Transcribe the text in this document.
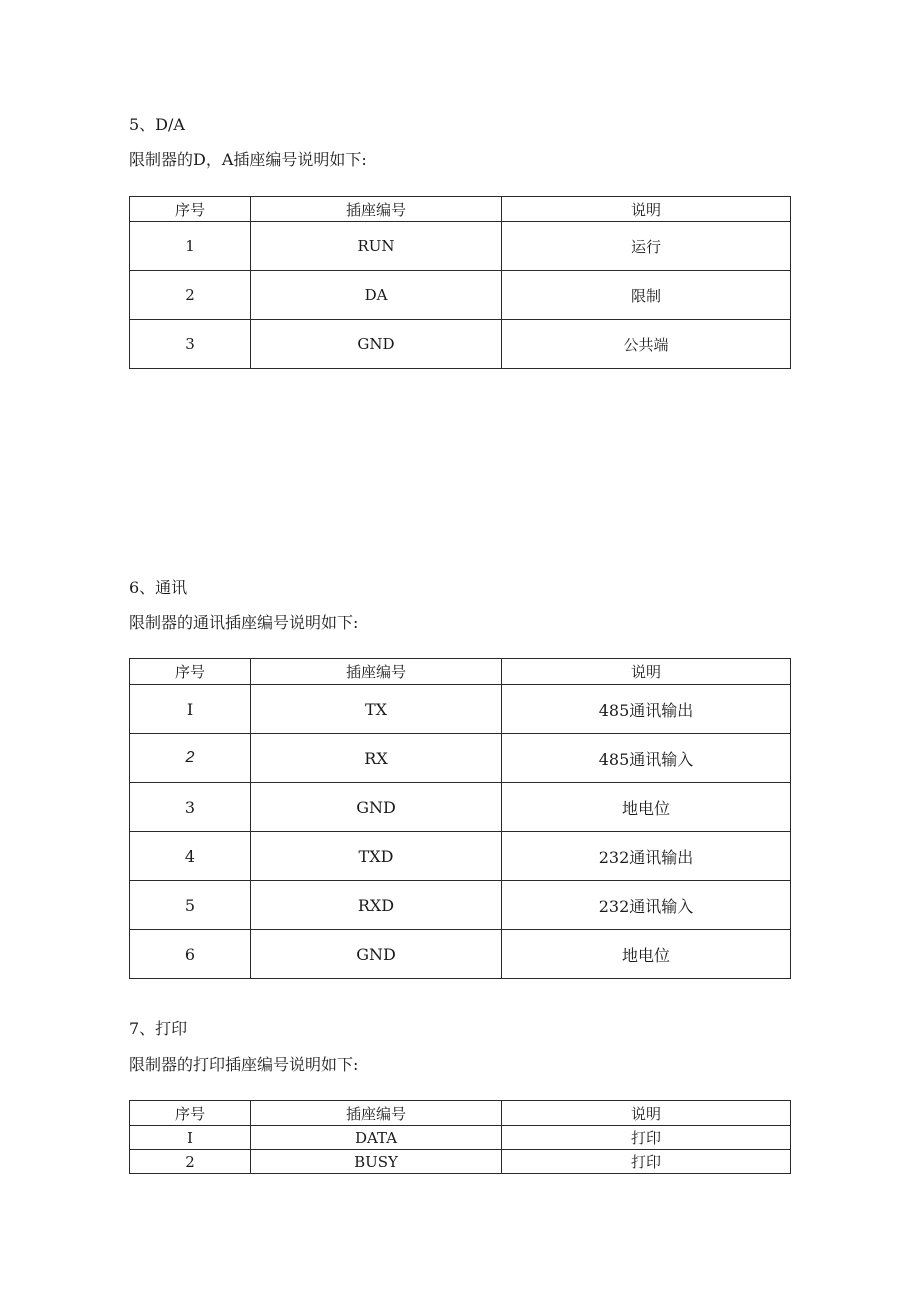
5、D/A
限制器的D，A插座编号说明如下:
序号	插座编号	说明
1	RUN	运行
2	DA	限制
3	GND	公共端
6、通讯
限制器的通讯插座编号说明如下:
序号	插座编号	说明
I	TX	485通讯输出
2	RX	485通讯输入
3	GND	地电位
4	TXD	232通讯输出
5	RXD	232通讯输入
6	GND	地电位
7、打印
限制器的打印插座编号说明如下:
序号	插座编号	说明
I	DATA	打印
2	BUSY	打印
